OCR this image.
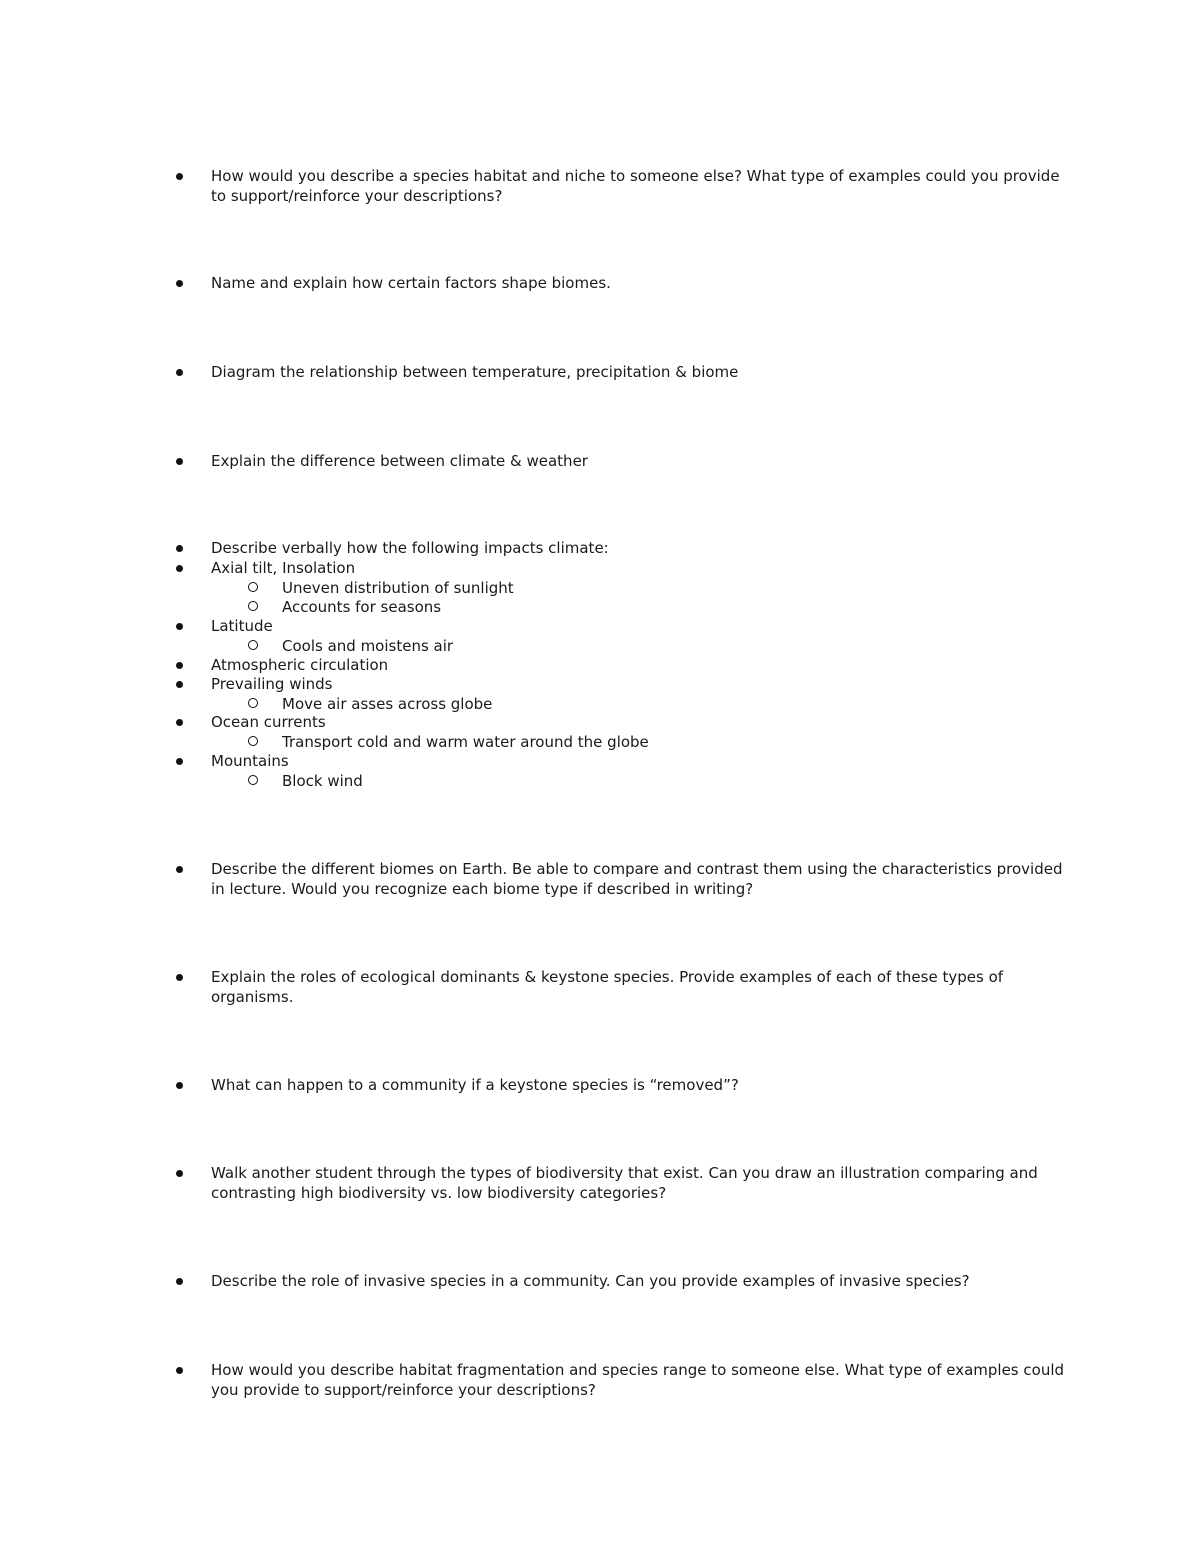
How would you describe a species habitat and niche to someone else? What type of examples could you provide to support/reinforce your descriptions?
Name and explain how certain factors shape biomes.
Diagram the relationship between temperature, precipitation & biome
Explain the difference between climate & weather
Describe verbally how the following impacts climate:
Axial tilt, Insolation
Uneven distribution of sunlight
Accounts for seasons
Latitude
Cools and moistens air
Atmospheric circulation
Prevailing winds
Move air asses across globe
Ocean currents
Transport cold and warm water around the globe
Mountains
Block wind
Describe the different biomes on Earth. Be able to compare and contrast them using the characteristics provided in lecture. Would you recognize each biome type if described in writing?
Explain the roles of ecological dominants & keystone species. Provide examples of each of these types of organisms.
What can happen to a community if a keystone species is “removed”?
Walk another student through the types of biodiversity that exist. Can you draw an illustration comparing and contrasting high biodiversity vs. low biodiversity categories?
Describe the role of invasive species in a community. Can you provide examples of invasive species?
How would you describe habitat fragmentation and species range to someone else. What type of examples could you provide to support/reinforce your descriptions?
